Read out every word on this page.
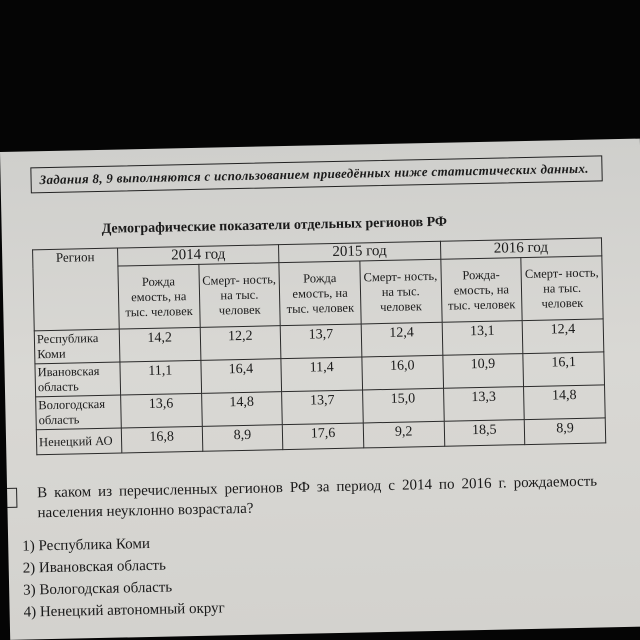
Задания 8, 9 выполняются с использованием приведённых ниже статистических данных.
Демографические показатели отдельных регионов РФ
Регион	2014 год		2015 год		2016 год	
	Рожда емость, на тыс. человек	Смерт- ность, на тыс. человек	Рожда емость, на тыс. человек	Смерт- ность, на тыс. человек	Рожда- емость, на тыс. человек	Смерт- ность, на тыс. человек
Республика Коми	14,2	12,2	13,7	12,4	13,1	12,4
Ивановская область	11,1	16,4	11,4	16,0	10,9	16,1
Вологодская область	13,6	14,8	13,7	15,0	13,3	14,8
Ненецкий АО	16,8	8,9	17,6	9,2	18,5	8,9
В каком из перечисленных регионов РФ за период с 2014 по 2016 г. рождаемость населения неуклонно возрастала?
1) Республика Коми
2) Ивановская область
3) Вологодская область
4) Ненецкий автономный округ
